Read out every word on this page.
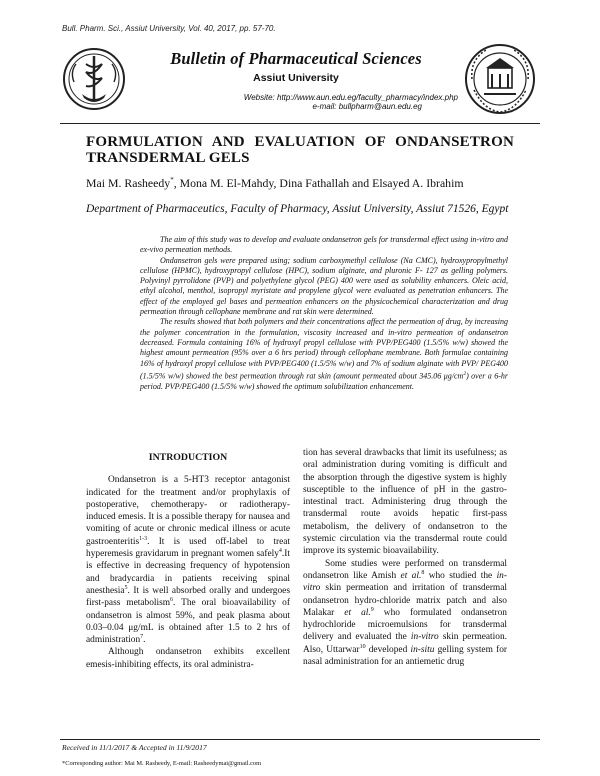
Bull. Pharm. Sci., Assiut University, Vol. 40, 2017, pp. 57-70.
Bulletin of Pharmaceutical Sciences
Assiut University
Website: http://www.aun.edu.eg/faculty_pharmacy/index.php
e-mail: bullpharm@aun.edu.eg
FORMULATION AND EVALUATION OF ONDANSETRON TRANSDERMAL GELS
Mai M. Rasheedy*, Mona M. El-Mahdy, Dina Fathallah and Elsayed A. Ibrahim
Department of Pharmaceutics, Faculty of Pharmacy, Assiut University, Assiut 71526, Egypt

The aim of this study was to develop and evaluate ondansetron gels for transdermal effect using in-vitro and ex-vivo permeation methods.

Ondansetron gels were prepared using; sodium carboxymethyl cellulose (Na CMC), hydroxypropylmethyl cellulose (HPMC), hydroxypropyl cellulose (HPC), sodium alginate, and pluronic F- 127 as gelling polymers. Polyvinyl pyrrolidone (PVP) and polyethylene glycol (PEG) 400 were used as solubility enhancers. Oleic acid, ethyl alcohol, menthol, isopropyl myristate and propylene glycol were evaluated as penetration enhancers. The effect of the employed gel bases and permeation enhancers on the physicochemical characterization and drug permeation through cellophane membrane and rat skin were determined.

The results showed that both polymers and their concentrations affect the permeation of drug, by increasing the polymer concentration in the formulation, viscosity increased and in-vitro permeation of ondansetron decreased. Formula containing 16% of hydroxyl propyl cellulose with PVP/PEG400 (1.5/5% w/w) showed the highest amount permeation (95% over a 6 hrs period) through cellophane membrane. Both formulae containing 16% of hydroxyl propyl cellulose with PVP/PEG400 (1.5/5% w/w) and 7% of sodium alginate with PVP/ PEG400 (1.5/5% w/w) showed the best permeation through rat skin (amount permeated about 345.06 $\mu g/cm^2$) over a 6-hr period. PVP/PEG400 (1.5/5% w/w) showed the optimum solubilization enhancement.

INTRODUCTION

Ondansetron is a 5-HT3 receptor antagonist indicated for the treatment and/or prophylaxis of postoperative, chemotherapy- or radiotherapy-induced emesis. It is a possible therapy for nausea and vomiting of acute or chronic medical illness or acute gastroenteritis$^{1-3}$. It is used off-label to treat hyperemesis gravidarum in pregnant women safely$^4$.It is effective in decreasing frequency of hypotension and bradycardia in patients receiving spinal anesthesia$^5$. It is well absorbed orally and undergoes first-pass metabolism$^6$. The oral bioavailability of ondansetron is almost 59%, and peak plasma about 0.03–0.04 μg/mL is obtained after 1.5 to 2 hrs of administration$^7$.

Although ondansetron exhibits excellent emesis-inhibiting effects, its oral administra-

tion has several drawbacks that limit its usefulness; as oral administration during vomiting is difficult and the absorption through the digestive system is highly susceptible to the influence of pH in the gastro-intestinal tract. Administering drug through the transdermal route avoids hepatic first-pass metabolism, the delivery of ondansetron to the systemic circulation via the transdermal route could improve its systemic bioavailability.

Some studies were performed on transdermal ondansetron like Amish et al.$^8$ who studied the in-vitro skin permeation and irritation of transdermal ondansetron hydro-chloride matrix patch and also Malakar et al.$^9$ who formulated ondansetron hydrochloride microemulsions for transdermal delivery and evaluated the in-vitro skin permeation. Also, Uttarwar$^{10}$ developed in-situ gelling system for nasal administration for an antiemetic drug

Received in 11/1/2017 & Accepted in 11/9/2017
*Corresponding author: Mai M. Rasheedy, E-mail: Rasheedymai@gmail.com
